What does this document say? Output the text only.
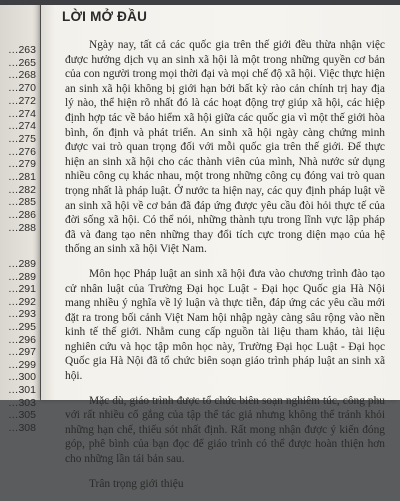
…263
…265
…268
…270
…272
…274
…274
…275
…276
…279
…281
…282
…285
…286
…288
…289
…289
…291
…292
…293
…295
…296
…297
…299
…300
…301
…303
…305
…308
LỜI MỞ ĐẦU

Ngày nay, tất cả các quốc gia trên thế giới đều thừa nhận việc được hưởng dịch vụ an sinh xã hội là một trong những quyền cơ bản của con người trong mọi thời đại và mọi chế độ xã hội. Việc thực hiện an sinh xã hội không bị giới hạn bởi bất kỳ rào cản chính trị hay địa lý nào, thể hiện rõ nhất đó là các hoạt động trợ giúp xã hội, các hiệp định hợp tác về bảo hiểm xã hội giữa các quốc gia vì một thế giới hòa bình, ổn định và phát triển. An sinh xã hội ngày càng chứng minh được vai trò quan trọng đối với mỗi quốc gia trên thế giới. Để thực hiện an sinh xã hội cho các thành viên của mình, Nhà nước sử dụng nhiều công cụ khác nhau, một trong những công cụ đóng vai trò quan trọng nhất là pháp luật. Ở nước ta hiện nay, các quy định pháp luật về an sinh xã hội về cơ bản đã đáp ứng được yêu cầu đòi hỏi thực tế của đời sống xã hội. Có thể nói, những thành tựu trong lĩnh vực lập pháp đã và đang tạo nên những thay đổi tích cực trong diện mạo của hệ thống an sinh xã hội Việt Nam.

Môn học Pháp luật an sinh xã hội đưa vào chương trình đào tạo cử nhân luật của Trường Đại học Luật - Đại học Quốc gia Hà Nội mang nhiều ý nghĩa về lý luận và thực tiễn, đáp ứng các yêu cầu mới đặt ra trong bối cảnh Việt Nam hội nhập ngày càng sâu rộng vào nền kinh tế thế giới. Nhằm cung cấp nguồn tài liệu tham khảo, tài liệu nghiên cứu và học tập môn học này, Trường Đại học Luật - Đại học Quốc gia Hà Nội đã tổ chức biên soạn giáo trình pháp luật an sinh xã hội.

Mặc dù, giáo trình được tổ chức biên soạn nghiêm túc, công phu với rất nhiều cố gắng của tập thể tác giả nhưng không thể tránh khỏi những hạn chế, thiếu sót nhất định. Rất mong nhận được ý kiến đóng góp, phê bình của bạn đọc để giáo trình có thể được hoàn thiện hơn cho những lần tái bản sau.

Trân trọng giới thiệu
